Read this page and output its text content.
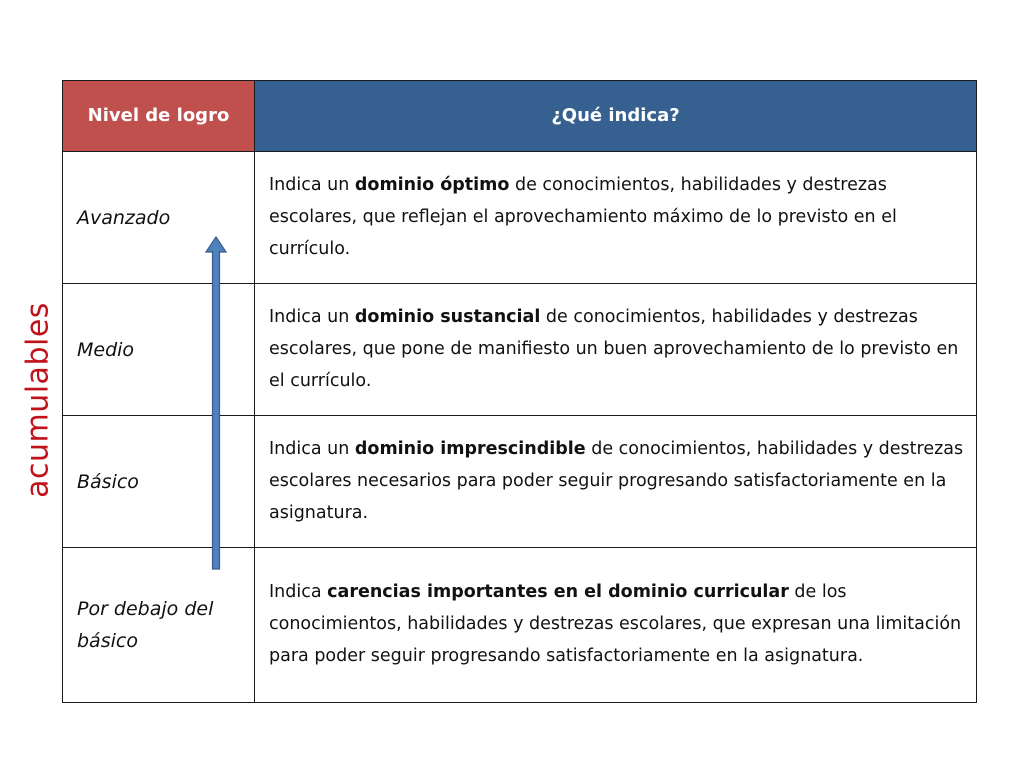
acumulables
Nivel de logro	¿Qué indica?
Avanzado	Indica un dominio óptimo de conocimientos, habilidades y destrezas escolares, que reflejan el aprovechamiento máximo de lo previsto en el currículo.
Medio	Indica un dominio sustancial de conocimientos, habilidades y destrezas escolares, que pone de manifiesto un buen aprovechamiento de lo previsto en el currículo.
Básico	Indica un dominio imprescindible de conocimientos, habilidades y destrezas escolares necesarios para poder seguir progresando satisfactoriamente en la asignatura.
Por debajo del básico	Indica carencias importantes en el dominio curricular de los conocimientos, habilidades y destrezas escolares, que expresan una limitación para poder seguir progresando satisfactoriamente en la asignatura.
